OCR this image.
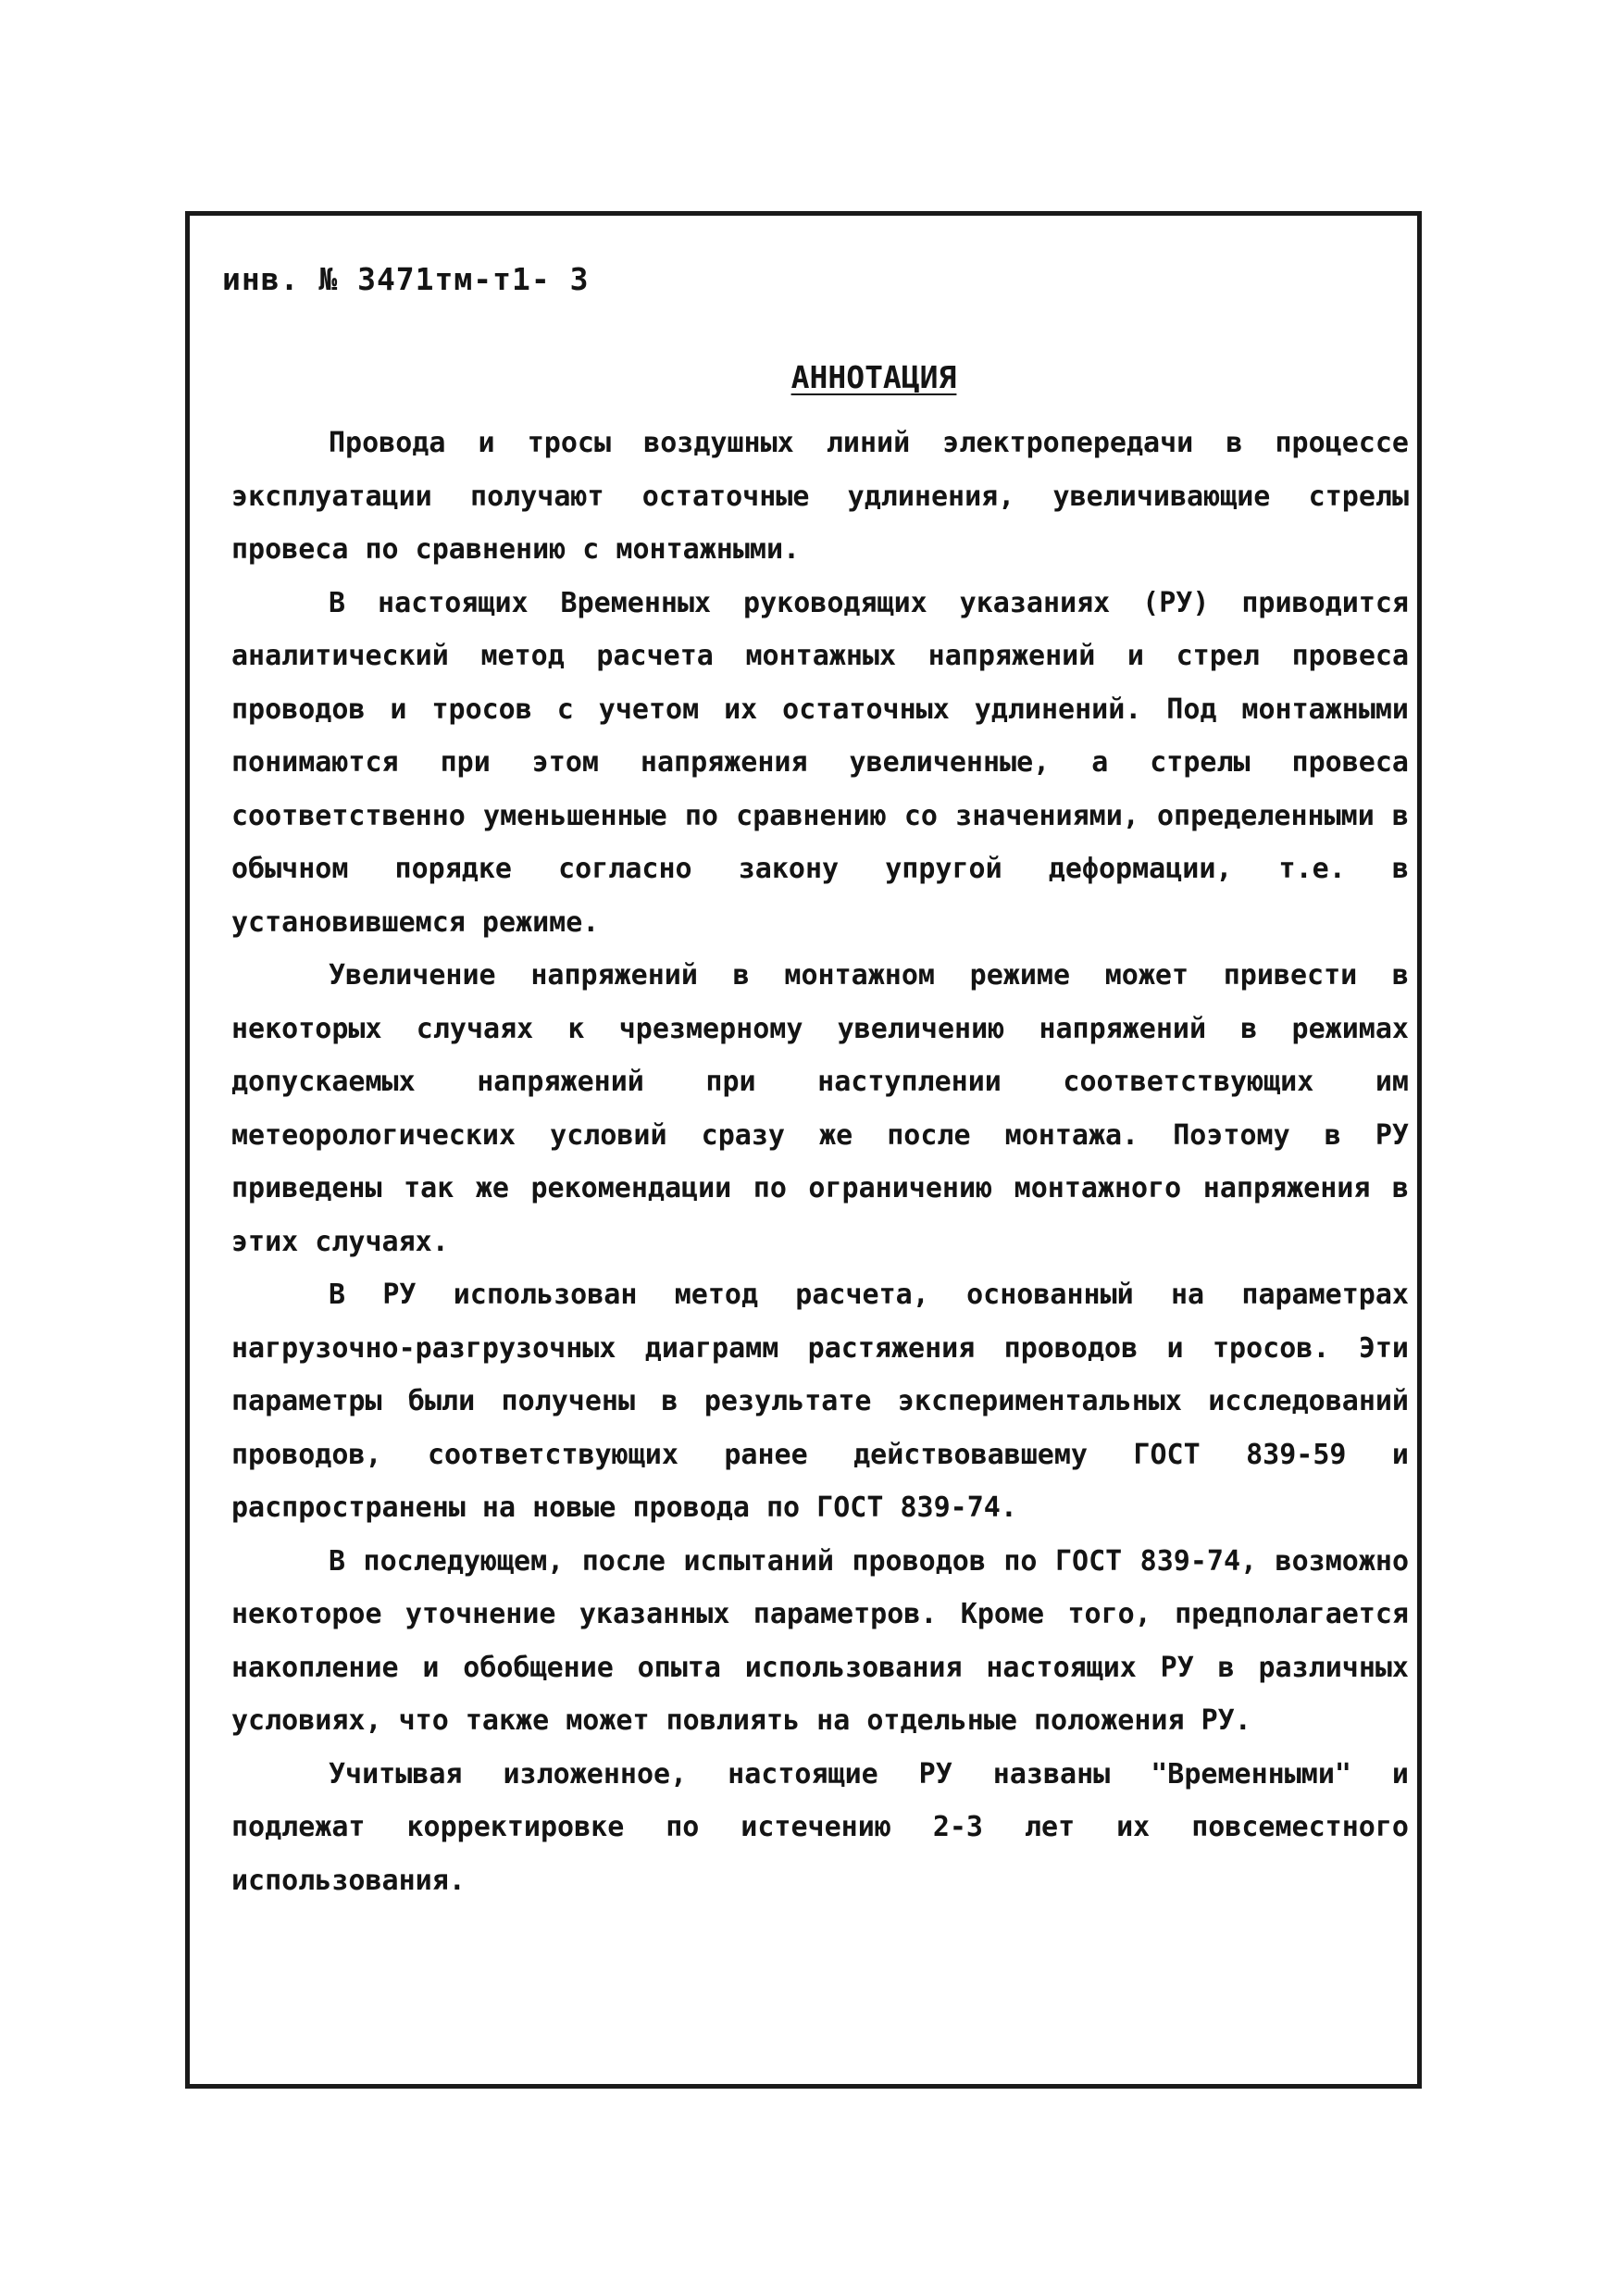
инв. № 3471тм-т1- 3
АННОТАЦИЯ

Провода и тросы воздушных линий электропередачи в процессе эксплуатации получают остаточные удлинения, увеличивающие стрелы провеса по сравнению с монтажными.

В настоящих Временных руководящих указаниях (РУ) приводится аналитический метод расчета монтажных напряжений и стрел провеса проводов и тросов с учетом их остаточных удлинений. Под монтажными понимаются при этом напряжения увеличенные, а стрелы провеса соответственно уменьшенные по сравнению со значениями, определенными в обычном порядке согласно закону упругой деформации, т.е. в установившемся режиме.

Увеличение напряжений в монтажном режиме может привести в некоторых случаях к чрезмерному увеличению напряжений в режимах допускаемых напряжений при наступлении соответствующих им метеорологических условий сразу же после монтажа. Поэтому в РУ приведены так же рекомендации по ограничению монтажного напряжения в этих случаях.

В РУ использован метод расчета, основанный на параметрах нагрузочно-разгрузочных диаграмм растяжения проводов и тросов. Эти параметры были получены в результате экспериментальных исследований проводов, соответствующих ранее действовавшему ГОСТ 839-59 и распространены на новые провода по ГОСТ 839-74.

В последующем, после испытаний проводов по ГОСТ 839-74, возможно некоторое уточнение указанных параметров. Кроме того, предполагается накопление и обобщение опыта использования настоящих РУ в различных условиях, что также может повлиять на отдельные положения РУ.

Учитывая изложенное, настоящие РУ названы "Временными" и подлежат корректировке по истечению 2-3 лет их повсеместного использования.
